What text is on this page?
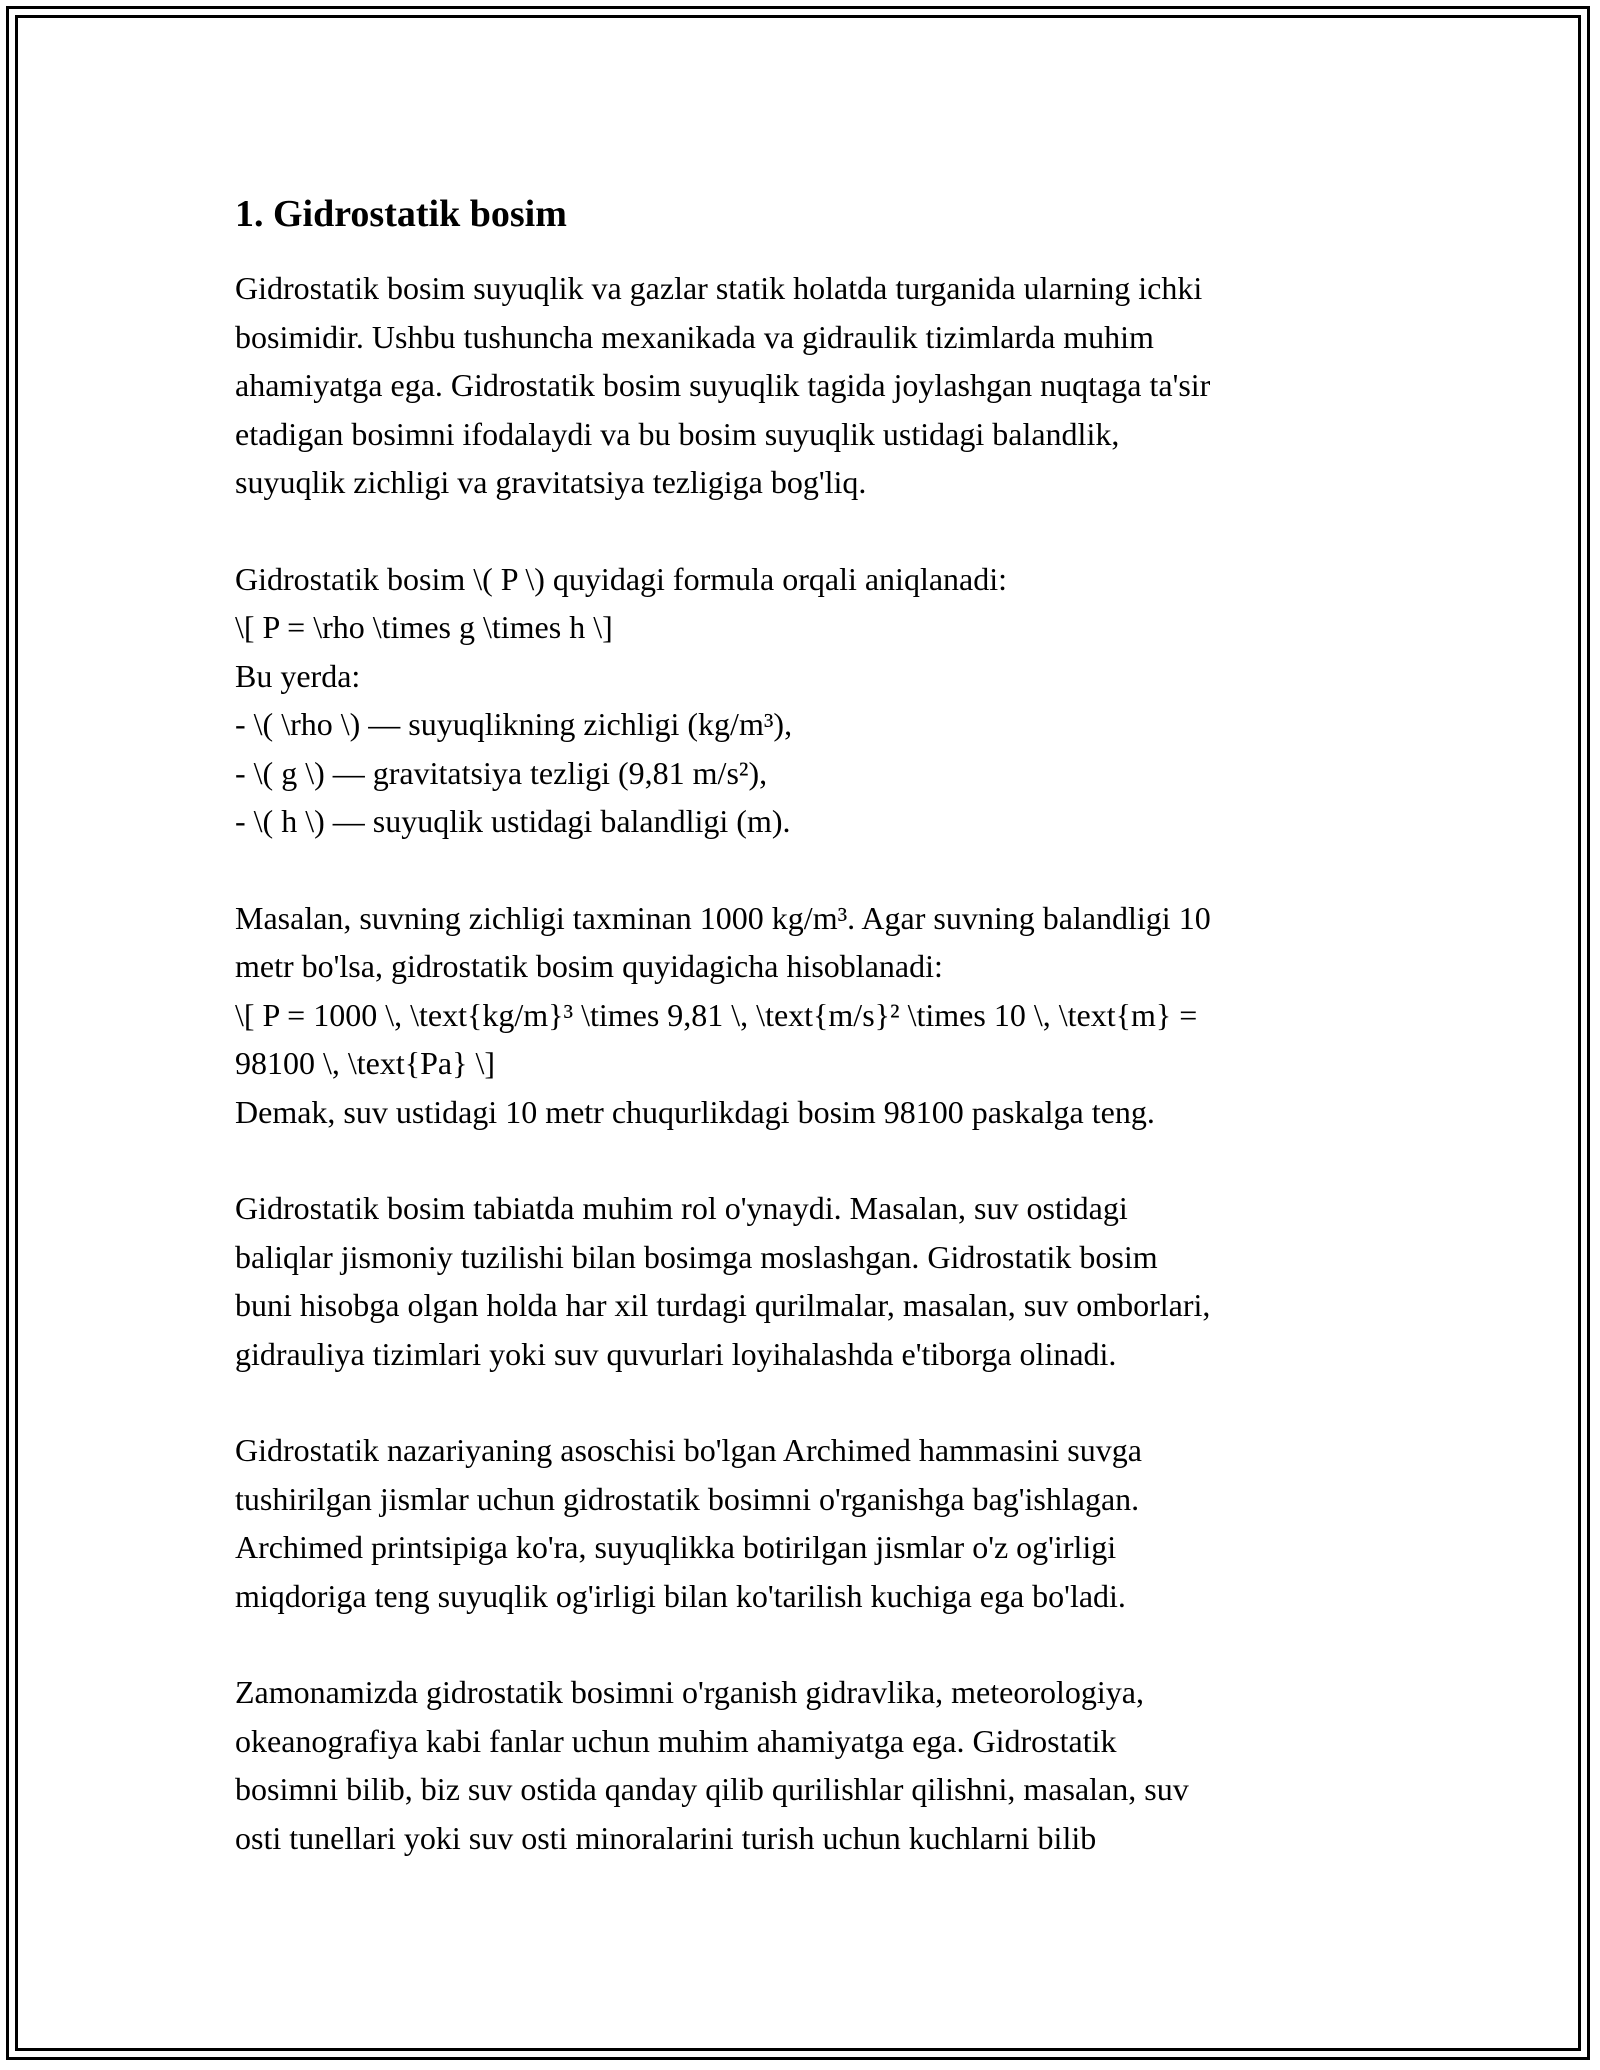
1. Gidrostatik bosim

Gidrostatik bosim suyuqlik va gazlar statik holatda turganida ularning ichki
bosimidir. Ushbu tushuncha mexanikada va gidraulik tizimlarda muhim
ahamiyatga ega. Gidrostatik bosim suyuqlik tagida joylashgan nuqtaga ta'sir
etadigan bosimni ifodalaydi va bu bosim suyuqlik ustidagi balandlik,
suyuqlik zichligi va gravitatsiya tezligiga bog'liq.

Gidrostatik bosim \( P \) quyidagi formula orqali aniqlanadi:
\[ P = \rho \times g \times h \]
Bu yerda:
- \( \rho \) — suyuqlikning zichligi (kg/m³),
- \( g \) — gravitatsiya tezligi (9,81 m/s²),
- \( h \) — suyuqlik ustidagi balandligi (m).

Masalan, suvning zichligi taxminan 1000 kg/m³. Agar suvning balandligi 10
metr bo'lsa, gidrostatik bosim quyidagicha hisoblanadi:
\[ P = 1000 \, \text{kg/m}³ \times 9,81 \, \text{m/s}² \times 10 \, \text{m} =
98100 \, \text{Pa} \]
Demak, suv ustidagi 10 metr chuqurlikdagi bosim 98100 paskalga teng.

Gidrostatik bosim tabiatda muhim rol o'ynaydi. Masalan, suv ostidagi
baliqlar jismoniy tuzilishi bilan bosimga moslashgan. Gidrostatik bosim
buni hisobga olgan holda har xil turdagi qurilmalar, masalan, suv omborlari,
gidrauliya tizimlari yoki suv quvurlari loyihalashda e'tiborga olinadi.

Gidrostatik nazariyaning asoschisi bo'lgan Archimed hammasini suvga
tushirilgan jismlar uchun gidrostatik bosimni o'rganishga bag'ishlagan.
Archimed printsipiga ko'ra, suyuqlikka botirilgan jismlar o'z og'irligi
miqdoriga teng suyuqlik og'irligi bilan ko'tarilish kuchiga ega bo'ladi.

Zamonamizda gidrostatik bosimni o'rganish gidravlika, meteorologiya,
okeanografiya kabi fanlar uchun muhim ahamiyatga ega. Gidrostatik
bosimni bilib, biz suv ostida qanday qilib qurilishlar qilishni, masalan, suv
osti tunellari yoki suv osti minoralarini turish uchun kuchlarni bilib
